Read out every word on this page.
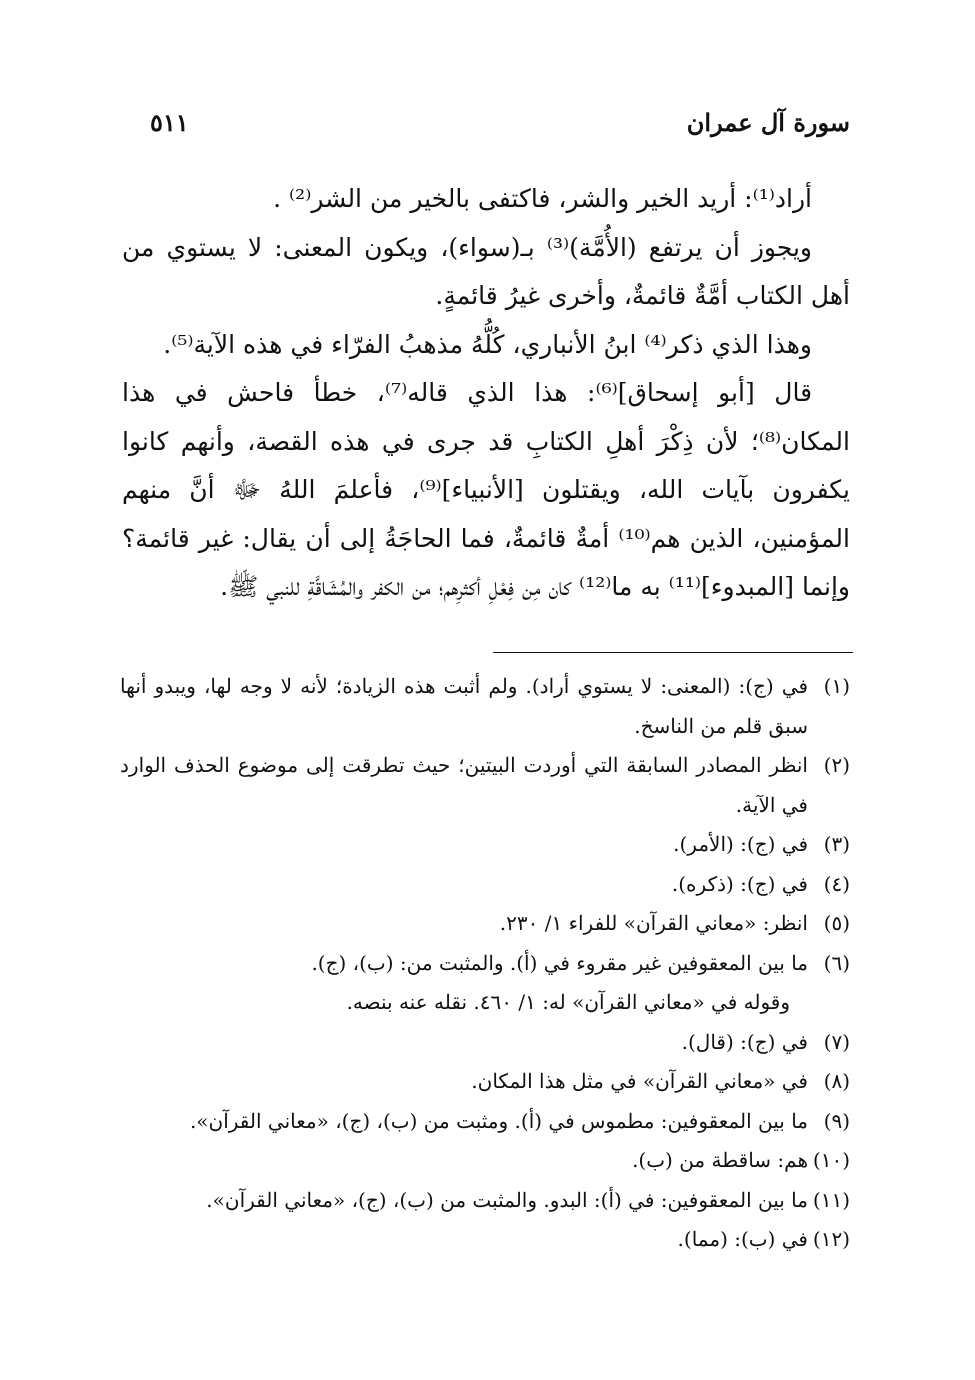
سورة آل عمران
٥١١

أراد⁽¹⁾: أريد الخير والشر، فاكتفى بالخير من الشر⁽²⁾ .

ويجوز أن يرتفع (الأُمَّة)⁽³⁾ بـ(سواء)، ويكون المعنى: لا يستوي من أهل الكتاب أمَّةٌ قائمةٌ، وأخرى غيرُ قائمةٍ.

وهذا الذي ذكر⁽⁴⁾ ابنُ الأنباري، كُلُّهُ مذهبُ الفرّاء في هذه الآية⁽⁵⁾.

قال [أبو إسحاق]⁽⁶⁾: هذا الذي قاله⁽⁷⁾، خطأ فاحش في هذا المكان⁽⁸⁾؛ لأن ذِكْرَ أهلِ الكتابِ قد جرى في هذه القصة، وأنهم كانوا يكفرون بآيات الله، ويقتلون [الأنبياء]⁽⁹⁾، فأعلمَ اللهُ ﷻ أنَّ منهم المؤمنين، الذين هم⁽¹⁰⁾ أمةٌ قائمةٌ، فما الحاجَةُ إلى أن يقال: غير قائمة؟ وإنما [المبدوء]⁽¹¹⁾ به ما⁽¹²⁾ كان مِن فِعْلِ أكثرِهم؛ من الكفر والمُشَاقَّةِ للنبي ﷺ.

(١)
في (ج): (المعنى: لا يستوي أراد). ولم أثبت هذه الزيادة؛ لأنه لا وجه لها، ويبدو أنها سبق قلم من الناسخ.
(٢)
انظر المصادر السابقة التي أوردت البيتين؛ حيث تطرقت إلى موضوع الحذف الوارد في الآية.
(٣)
في (ج): (الأمر).
(٤)
في (ج): (ذكره).
(٥)
انظر: «معاني القرآن» للفراء ١/ ٢٣٠.
(٦)
ما بين المعقوفين غير مقروء في (أ). والمثبت من: (ب)، (ج).
وقوله في «معاني القرآن» له: ١/ ٤٦٠. نقله عنه بنصه.
(٧)
في (ج): (قال).
(٨)
في «معاني القرآن» في مثل هذا المكان.
(٩)
ما بين المعقوفين: مطموس في (أ). ومثبت من (ب)، (ج)، «معاني القرآن».
(١٠)
هم: ساقطة من (ب).
(١١)
ما بين المعقوفين: في (أ): البدو. والمثبت من (ب)، (ج)، «معاني القرآن».
(١٢)
في (ب): (مما).
